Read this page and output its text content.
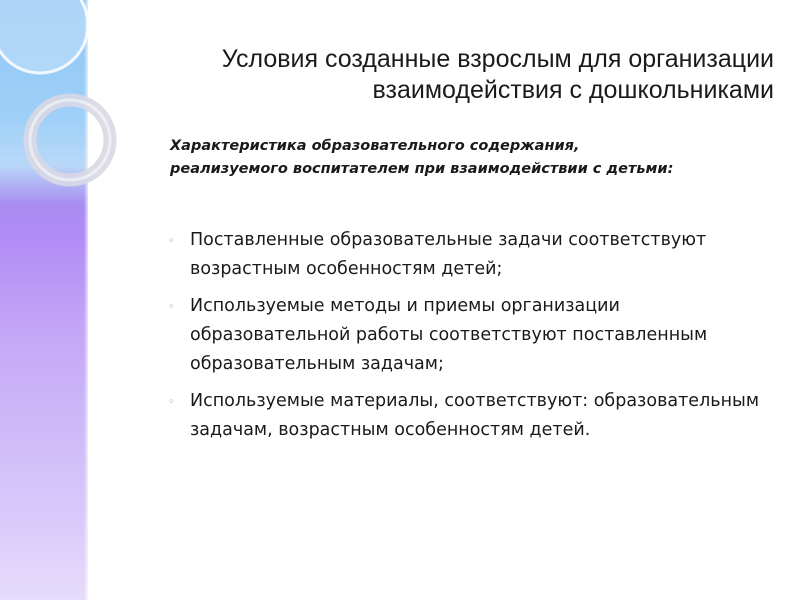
Условия созданные взрослым для организации
взаимодействия с дошкольниками

Характеристика образовательного содержания,
реализуемого воспитателем при взаимодействии с детьми:

◦ Поставленные образовательные задачи соответствуют возрастным особенностям детей;
◦ Используемые методы и приемы организации образовательной работы соответствуют поставленным образовательным задачам;
◦ Используемые материалы, соответствуют: образовательным задачам, возрастным особенностям детей.
